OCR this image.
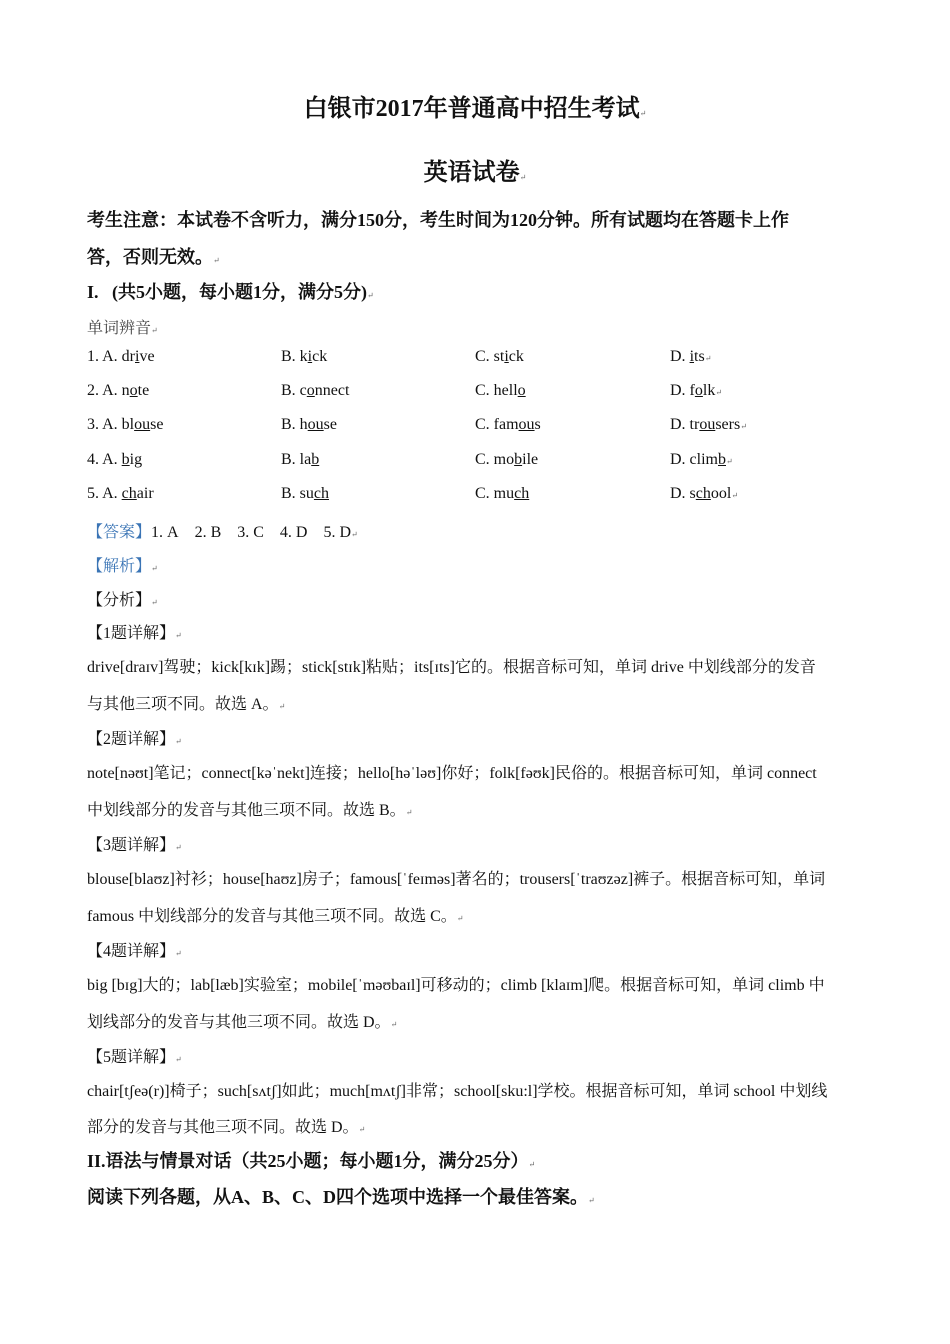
白银市2017年普通高中招生考试↵
英语试卷↵
考生注意：本试卷不含听力，满分150分，考生时间为120分钟。所有试题均在答题卡上作
答，否则无效。↵
I.   (共5小题，每小题1分，满分5分)↵
单词辨音↵
1. A. drive	B. kick	C. stick	D. its↵
2. A. note	B. connect	C. hello	D. folk↵
3. A. blouse	B. house	C. famous	D. trousers↵
4. A. big	B. lab	C. mobile	D. climb↵
5. A. chair	B. such	C. much	D. school↵
【答案】1. A    2. B    3. C    4. D    5. D↵
【解析】↵
【分析】↵
【1题详解】↵
drive[draɪv]驾驶；kick[kɪk]踢；stick[stɪk]粘贴；its[ɪts]它的。根据音标可知，单词 drive 中划线部分的发音
与其他三项不同。故选 A。↵
【2题详解】↵
note[nəʊt]笔记；connect[kəˈnekt]连接；hello[həˈləʊ]你好；folk[fəʊk]民俗的。根据音标可知，单词 connect
中划线部分的发音与其他三项不同。故选 B。↵
【3题详解】↵
blouse[blaʊz]衬衫；house[haʊz]房子；famous[ˈfeɪməs]著名的；trousers[ˈtraʊzəz]裤子。根据音标可知，单词
famous 中划线部分的发音与其他三项不同。故选 C。↵
【4题详解】↵
big [bɪg]大的；lab[læb]实验室；mobile[ˈməʊbaɪl]可移动的；climb [klaɪm]爬。根据音标可知，单词 climb 中
划线部分的发音与其他三项不同。故选 D。↵
【5题详解】↵
chair[tʃeə(r)]椅子；such[sʌtʃ]如此；much[mʌtʃ]非常；school[sku:l]学校。根据音标可知，单词 school 中划线
部分的发音与其他三项不同。故选 D。↵
II.语法与情景对话（共25小题；每小题1分，满分25分）↵
阅读下列各题，从A、B、C、D四个选项中选择一个最佳答案。↵
